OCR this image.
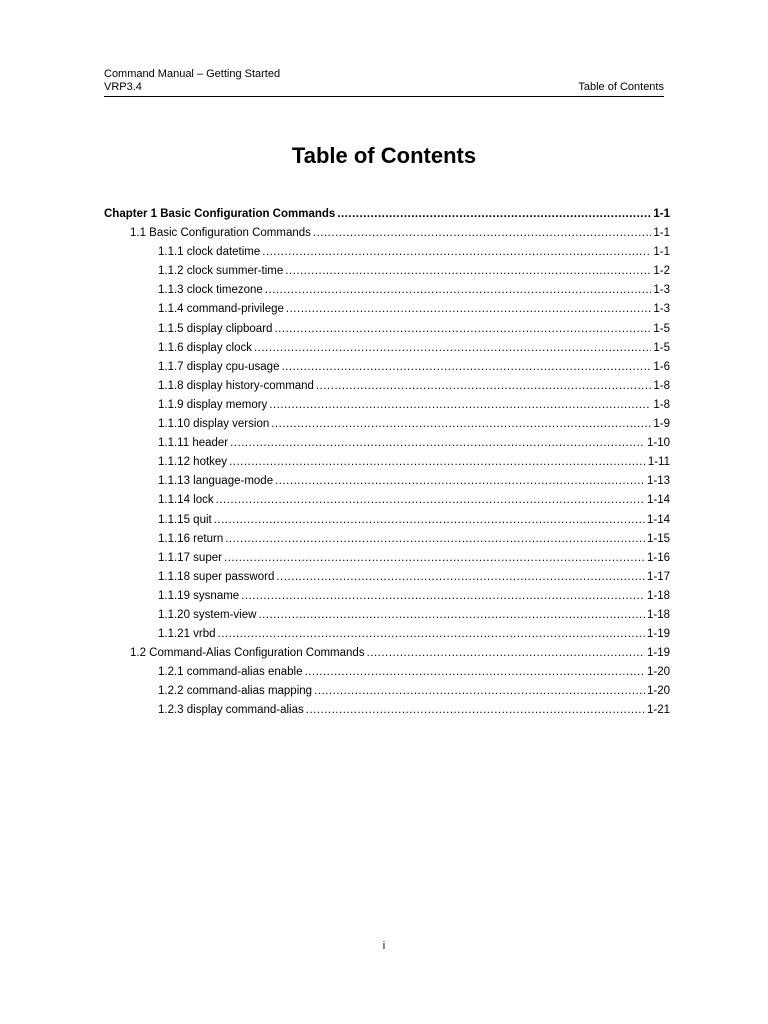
Command Manual – Getting Started
VRP3.4	Table of Contents
Table of Contents
Chapter 1 Basic Configuration Commands .....	1-1
1.1 Basic Configuration Commands .....	1-1
1.1.1 clock datetime .....	1-1
1.1.2 clock summer-time .....	1-2
1.1.3 clock timezone .....	1-3
1.1.4 command-privilege .....	1-3
1.1.5 display clipboard .....	1-5
1.1.6 display clock .....	1-5
1.1.7 display cpu-usage .....	1-6
1.1.8 display history-command .....	1-8
1.1.9 display memory .....	1-8
1.1.10 display version .....	1-9
1.1.11 header .....	1-10
1.1.12 hotkey .....	1-11
1.1.13 language-mode .....	1-13
1.1.14 lock .....	1-14
1.1.15 quit .....	1-14
1.1.16 return .....	1-15
1.1.17 super .....	1-16
1.1.18 super password .....	1-17
1.1.19 sysname .....	1-18
1.1.20 system-view .....	1-18
1.1.21 vrbd .....	1-19
1.2 Command-Alias Configuration Commands .....	1-19
1.2.1 command-alias enable .....	1-20
1.2.2 command-alias mapping .....	1-20
1.2.3 display command-alias .....	1-21
i
